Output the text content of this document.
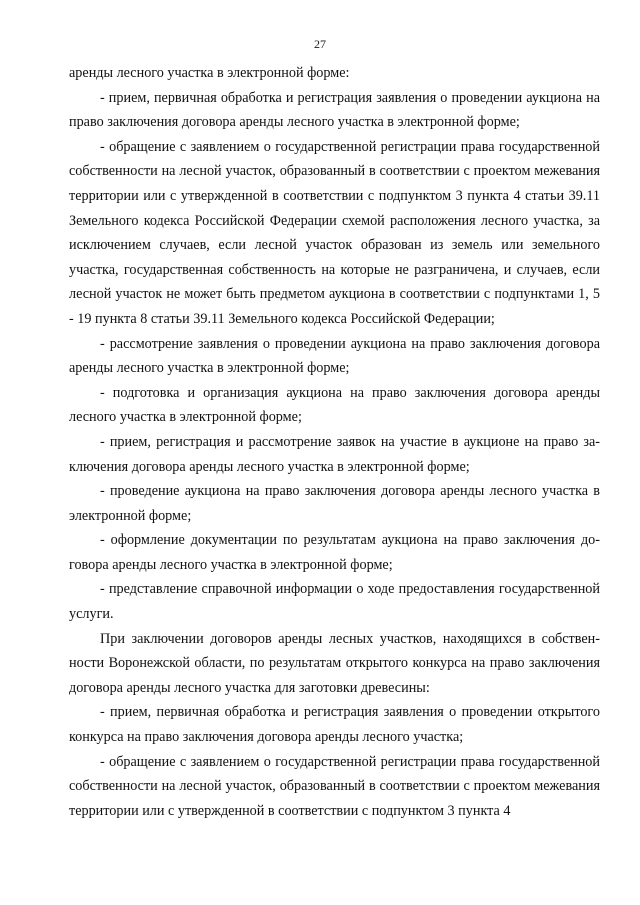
27

аренды лесного участка в электронной форме:

- прием, первичная обработка и регистрация заявления о проведении аукциона на право заключения договора аренды лесного участка в электронной форме;

- обращение с заявлением о государственной регистрации права государственной собственности на лесной участок, образованный в соответствии с проектом межевания территории или с утвержденной в соответствии с подпунктом 3 пункта 4 статьи 39.11 Земельного кодекса Российской Федерации схемой расположения лесного участка, за исключением случаев, если лесной участок образован из земель или земельного участка, государственная собственность на которые не разграничена, и случаев, если лесной участок не может быть предметом аукциона в соответствии с подпунктами 1, 5 - 19 пункта 8 статьи 39.11 Земельного кодекса Российской Федерации;

- рассмотрение заявления о проведении аукциона на право заключения договора аренды лесного участка в электронной форме;

- подготовка и организация аукциона на право заключения договора аренды лесного участка в электронной форме;

- прием, регистрация и рассмотрение заявок на участие в аукционе на право заключения договора аренды лесного участка в электронной форме;

- проведение аукциона на право заключения договора аренды лесного участка в электронной форме;

- оформление документации по результатам аукциона на право заключения договора аренды лесного участка в электронной форме;

- представление справочной информации о ходе предоставления государственной услуги.

При заключении договоров аренды лесных участков, находящихся в собственности Воронежской области, по результатам открытого конкурса на право заключения договора аренды лесного участка для заготовки древесины:

- прием, первичная обработка и регистрация заявления о проведении открытого конкурса на право заключения договора аренды лесного участка;

- обращение с заявлением о государственной регистрации права государственной собственности на лесной участок, образованный в соответствии с проектом межевания территории или с утвержденной в соответствии с подпунктом 3 пункта 4
